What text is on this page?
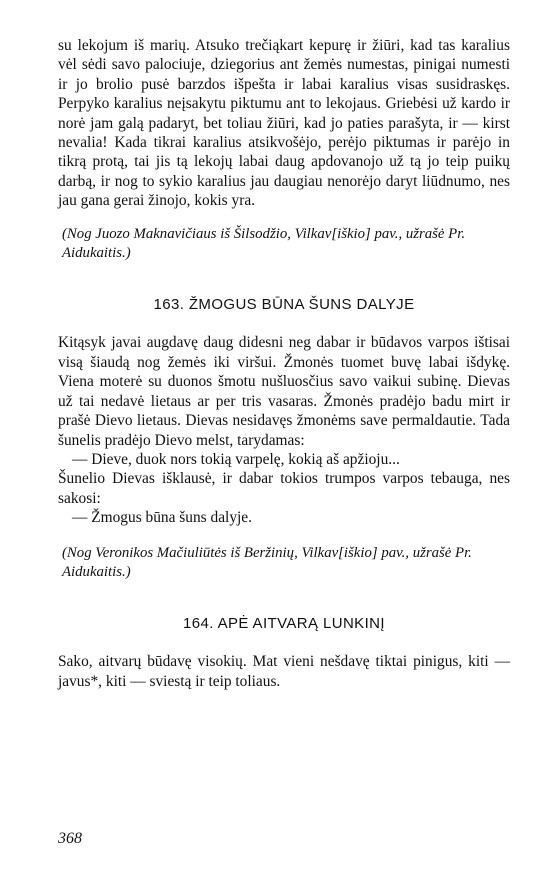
su lekojum iš marių. Atsuko trečiąkart kepurę ir žiūri, kad tas karalius vėl sėdi savo palociuje, dziegorius ant žemės numestas, pinigai numesti ir jo brolio pusė barzdos išpešta ir labai karalius visas susidraskęs. Perpyko karalius neįsakytu piktumu ant to lekojaus. Griebėsi už kardo ir norė jam galą padaryt, bet toliau žiūri, kad jo paties parašyta, ir — kirst nevalia! Kada tikrai karalius atsikvošėjo, perėjo piktumas ir parėjo in tikrą protą, tai jis tą lekojų labai daug apdovanojo už tą jo teip puikų darbą, ir nog to sykio karalius jau daugiau nenorėjo daryt liūdnumo, nes jau gana gerai žinojo, kokis yra.

(Nog Juozo Maknavičiaus iš Šilsodžio, Vilkav[iškio] pav., užrašė Pr. Aidukaitis.)

163. ŽMOGUS BŪNA ŠUNS DALYJE

Kitąsyk javai augdavę daug didesni neg dabar ir būdavos varpos ištisai visą šiaudą nog žemės iki viršui. Žmonės tuomet buvę labai išdykę. Viena moterė su duonos šmotu nušluosčius savo vaikui subinę. Dievas už tai nedavė lietaus ar per tris vasaras. Žmonės pradėjo badu mirt ir prašė Dievo lietaus. Dievas nesidavęs žmonėms save permaldautie. Tada šunelis pradėjo Dievo melst, tarydamas:

— Dieve, duok nors tokią varpelę, kokią aš apžioju...

Šunelio Dievas išklausė, ir dabar tokios trumpos varpos tebauga, nes sakosi:

— Žmogus būna šuns dalyje.

(Nog Veronikos Mačiuliūtės iš Beržinių, Vilkav[iškio] pav., užrašė Pr. Aidukaitis.)

164. APĖ AITVARĄ LUNKINĮ

Sako, aitvarų būdavę visokių. Mat vieni nešdavę tiktai pinigus, kiti — javus*, kiti — sviestą ir teip toliaus.

368
